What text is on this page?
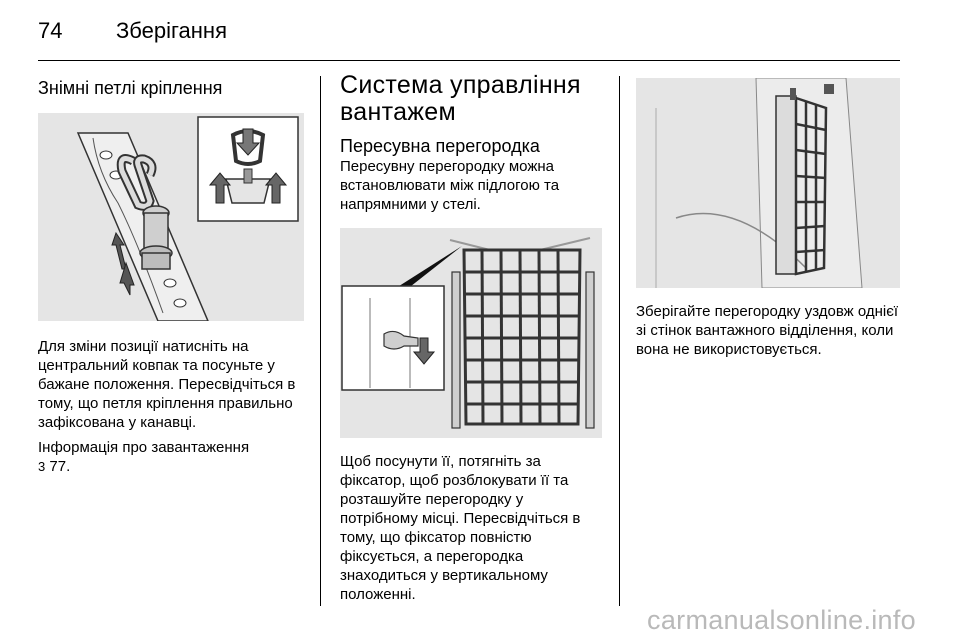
74 Зберігання
Знімні петлі кріплення

Для зміни позиції натисніть на центральний ковпак та посуньте у бажане положення. Пересвідчіться в тому, що петля кріплення правильно зафіксована у канавці.

Інформація про завантаження
3 77.

Система управління вантажем
Пересувна перегородка

Пересувну перегородку можна встановлювати між підлогою та напрямними у стелі.

Щоб посунути її, потягніть за фіксатор, щоб розблокувати її та розташуйте перегородку у потрібному місці. Пересвідчіться в тому, що фіксатор повністю фіксується, а перегородка знаходиться у вертикальному положенні.

Зберігайте перегородку уздовж однієї зі стінок вантажного відділення, коли вона не використовується.

carmanualsonline.info
